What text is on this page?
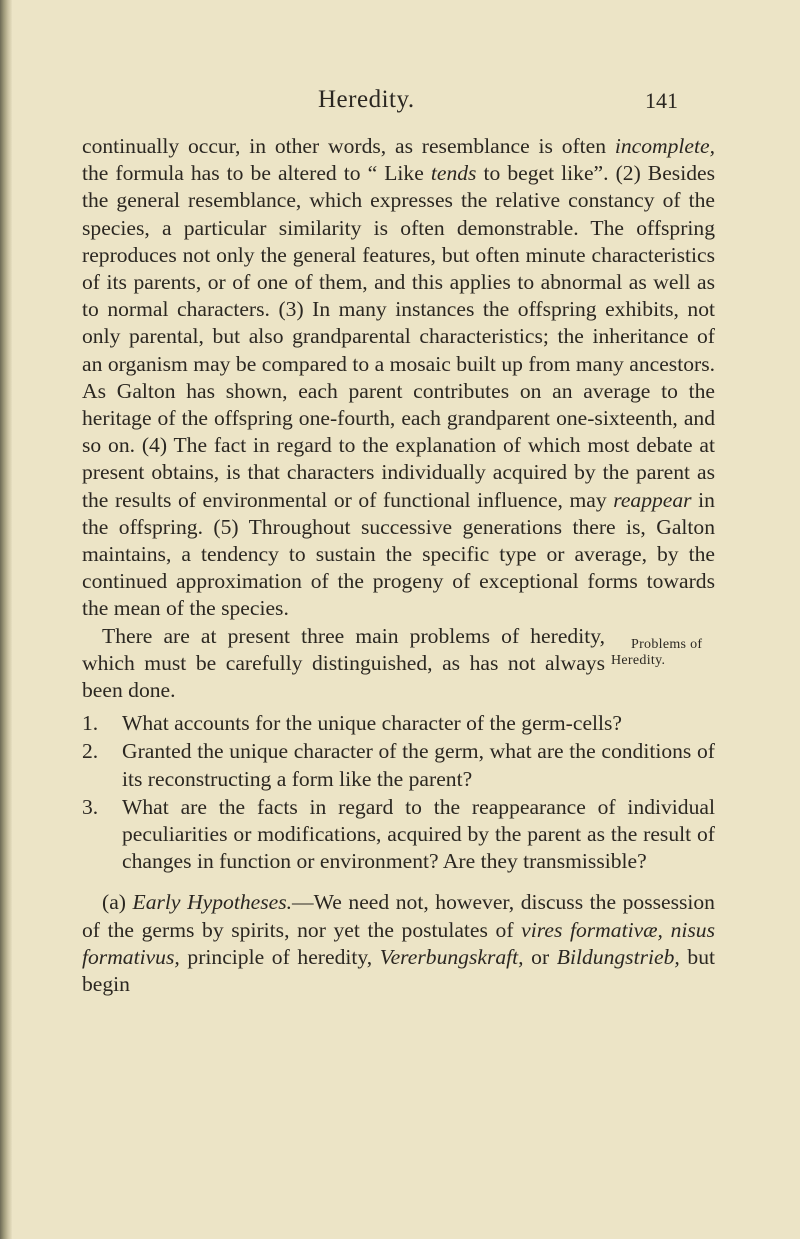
Heredity.	141

continually occur, in other words, as resemblance is often incomplete, the formula has to be altered to “ Like tends to beget like”. (2) Besides the general resemblance, which expresses the relative constancy of the species, a particular similarity is often demonstrable. The offspring reproduces not only the general features, but often minute characteristics of its parents, or of one of them, and this applies to abnormal as well as to normal characters. (3) In many instances the offspring exhibits, not only parental, but also grandparental characteristics; the inheritance of an organism may be compared to a mosaic built up from many ancestors. As Galton has shown, each parent contributes on an average to the heritage of the offspring one-fourth, each grandparent one-sixteenth, and so on. (4) The fact in regard to the explanation of which most debate at present obtains, is that characters individually acquired by the parent as the results of environmental or of functional influence, may reappear in the offspring. (5) Throughout successive generations there is, Galton maintains, a tendency to sustain the specific type or average, by the continued approximation of the progeny of exceptional forms towards the mean of the species.

Problems of Heredity.
There are at present three main problems of heredity, which must be carefully distinguished, as has not always been done.

1.	What accounts for the unique character of the germ-cells?
2.	Granted the unique character of the germ, what are the conditions of its reconstructing a form like the parent?
3.	What are the facts in regard to the reappearance of individual peculiarities or modifications, acquired by the parent as the result of changes in function or environment? Are they transmissible?

(a) Early Hypotheses.—We need not, however, discuss the possession of the germs by spirits, nor yet the postulates of vires formativæ, nisus formativus, principle of heredity, Vererbungskraft, or Bildungstrieb, but begin
